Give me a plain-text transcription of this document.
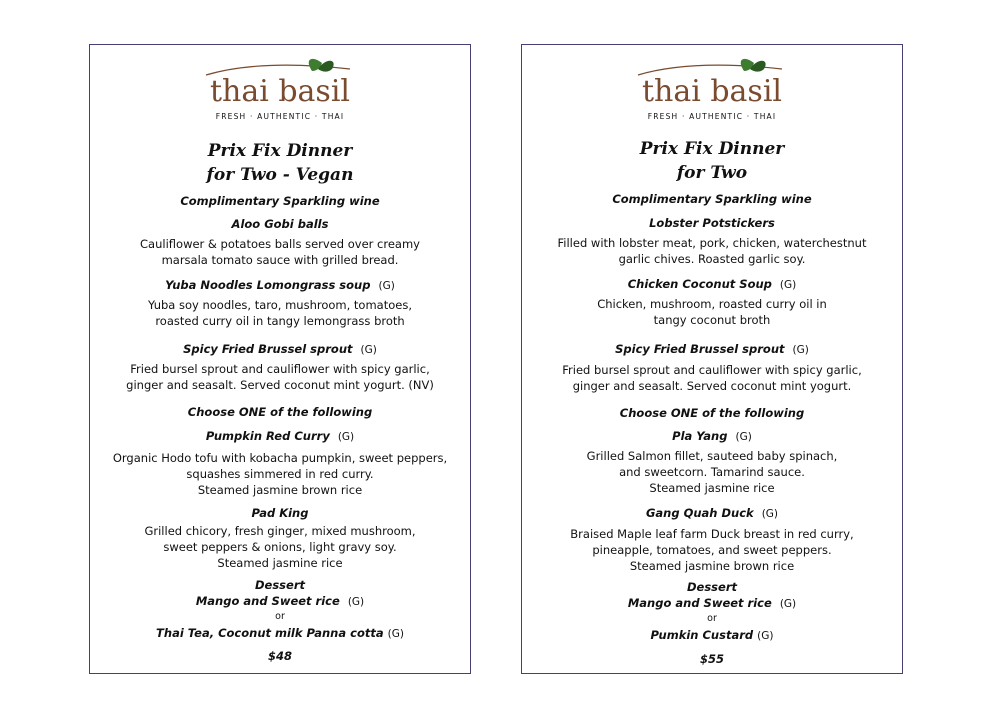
thai basil
FRESH · AUTHENTIC · THAI
Prix Fix Dinner
for Two - Vegan
Complimentary Sparkling wine
Aloo Gobi balls
Cauliflower & potatoes balls served over creamy
marsala tomato sauce with grilled bread.
Yuba Noodles Lomongrass soup (G)
Yuba soy noodles, taro, mushroom, tomatoes,
roasted curry oil in tangy lemongrass broth
Spicy Fried Brussel sprout (G)
Fried bursel sprout and cauliflower with spicy garlic,
ginger and seasalt. Served coconut mint yogurt. (NV)
Choose ONE of the following
Pumpkin Red Curry (G)
Organic Hodo tofu with kobacha pumpkin, sweet peppers,
squashes simmered in red curry.
Steamed jasmine brown rice
Pad King
Grilled chicory, fresh ginger, mixed mushroom,
sweet peppers & onions, light gravy soy.
Steamed jasmine rice
Dessert
Mango and Sweet rice (G)
or
Thai Tea, Coconut milk Panna cotta (G)
$48
thai basil
FRESH · AUTHENTIC · THAI
Prix Fix Dinner
for Two
Complimentary Sparkling wine
Lobster Potstickers
Filled with lobster meat, pork, chicken, waterchestnut
garlic chives. Roasted garlic soy.
Chicken Coconut Soup (G)
Chicken, mushroom, roasted curry oil in
tangy coconut broth
Spicy Fried Brussel sprout (G)
Fried bursel sprout and cauliflower with spicy garlic,
ginger and seasalt. Served coconut mint yogurt.
Choose ONE of the following
Pla Yang (G)
Grilled Salmon fillet, sauteed baby spinach,
and sweetcorn. Tamarind sauce.
Steamed jasmine rice
Gang Quah Duck (G)
Braised Maple leaf farm Duck breast in red curry,
pineapple, tomatoes, and sweet peppers.
Steamed jasmine brown rice
Dessert
Mango and Sweet rice (G)
or
Pumkin Custard (G)
$55
